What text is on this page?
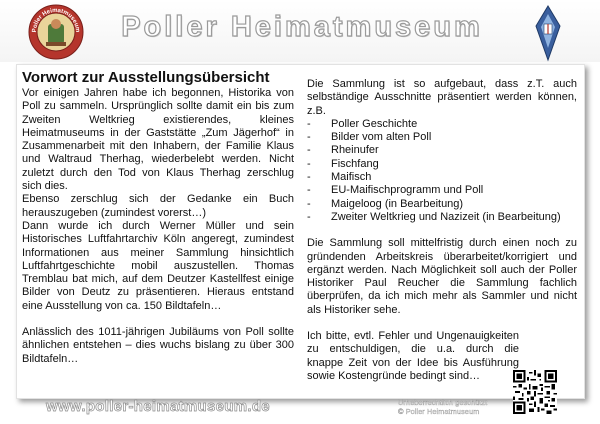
Poller Heimatmuseum	Poller Heimatmuseum
Vorwort zur Ausstellungsübersicht

Vor einigen Jahren habe ich begonnen, Historika von Poll zu sammeln. Ursprünglich sollte damit ein bis zum Zweiten Weltkrieg existierendes, kleines Heimatmuseums in der Gaststätte „Zum Jägerhof“ in Zusammenarbeit mit den Inhabern, der Familie Klaus und Waltraud Therhag, wiederbelebt werden. Nicht zuletzt durch den Tod von Klaus Therhag zerschlug sich dies.

Ebenso zerschlug sich der Gedanke ein Buch herauszugeben (zumindest vorerst…)

Dann wurde ich durch Werner Müller und sein Historisches Luftfahrtarchiv Köln angeregt, zumindest Informationen aus meiner Sammlung hinsichtlich Luftfahrtgeschichte mobil auszustellen. Thomas Tremblau bat mich, auf dem Deutzer Kastellfest einige Bilder von Deutz zu präsentieren. Hieraus entstand eine Ausstellung von ca. 150 Bildtafeln…

Anlässlich des 1011-jährigen Jubiläums von Poll sollte ähnlichen entstehen – dies wuchs bislang zu über 300 Bildtafeln…

Die Sammlung ist so aufgebaut, dass z.T. auch selbständige Ausschnitte präsentiert werden können, z.B.

- Poller Geschichte
- Bilder vom alten Poll
- Rheinufer
- Fischfang
- Maifisch
- EU-Maifischprogramm und Poll
- Maigeloog (in Bearbeitung)
- Zweiter Weltkrieg und Nazizeit (in Bearbeitung)

Die Sammlung soll mittelfristig durch einen noch zu gründenden Arbeitskreis überarbeitet/korrigiert und ergänzt werden. Nach Möglichkeit soll auch der Poller Historiker Paul Reucher die Sammlung fachlich überprüfen, da ich mich mehr als Sammler und nicht als Historiker sehe.

Ich bitte, evtl. Fehler und Ungenauigkeiten zu entschuldigen, die u.a. durch die knappe Zeit von der Idee bis Ausführung sowie Kostengründe bedingt sind…

www.poller-heimatmuseum.de	Urheberrechtlich geschützt
© Poller Heimatmuseum
